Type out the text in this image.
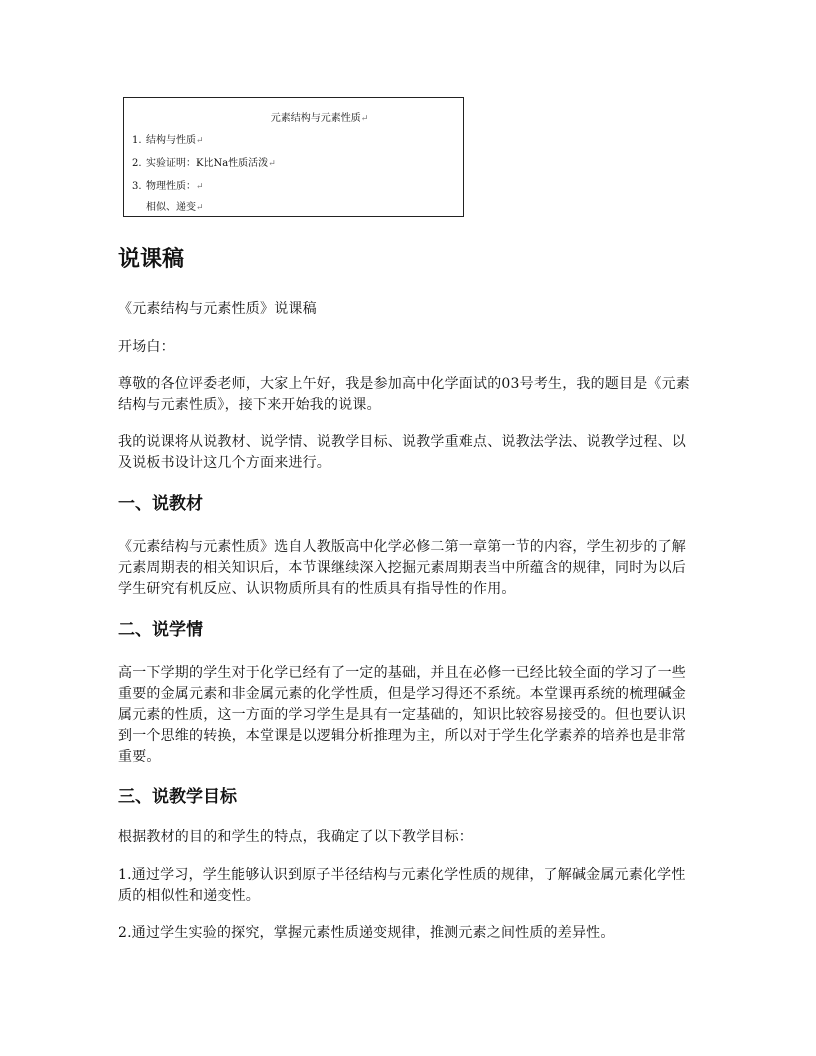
元素结构与元素性质↵
1. 结构与性质↵
2. 实验证明：K比Na性质活泼↵
3. 物理性质：↵
相似、递变↵
说课稿

《元素结构与元素性质》说课稿

开场白：

尊敬的各位评委老师，大家上午好，我是参加高中化学面试的03号考生，我的题目是《元素结构与元素性质》，接下来开始我的说课。

我的说课将从说教材、说学情、说教学目标、说教学重难点、说教法学法、说教学过程、以及说板书设计这几个方面来进行。

一、说教材

《元素结构与元素性质》选自人教版高中化学必修二第一章第一节的内容，学生初步的了解元素周期表的相关知识后，本节课继续深入挖掘元素周期表当中所蕴含的规律，同时为以后学生研究有机反应、认识物质所具有的性质具有指导性的作用。

二、说学情

高一下学期的学生对于化学已经有了一定的基础，并且在必修一已经比较全面的学习了一些重要的金属元素和非金属元素的化学性质，但是学习得还不系统。本堂课再系统的梳理碱金属元素的性质，这一方面的学习学生是具有一定基础的，知识比较容易接受的。但也要认识到一个思维的转换，本堂课是以逻辑分析推理为主，所以对于学生化学素养的培养也是非常重要。

三、说教学目标

根据教材的目的和学生的特点，我确定了以下教学目标：

1.通过学习，学生能够认识到原子半径结构与元素化学性质的规律，了解碱金属元素化学性质的相似性和递变性。

2.通过学生实验的探究，掌握元素性质递变规律，推测元素之间性质的差异性。
